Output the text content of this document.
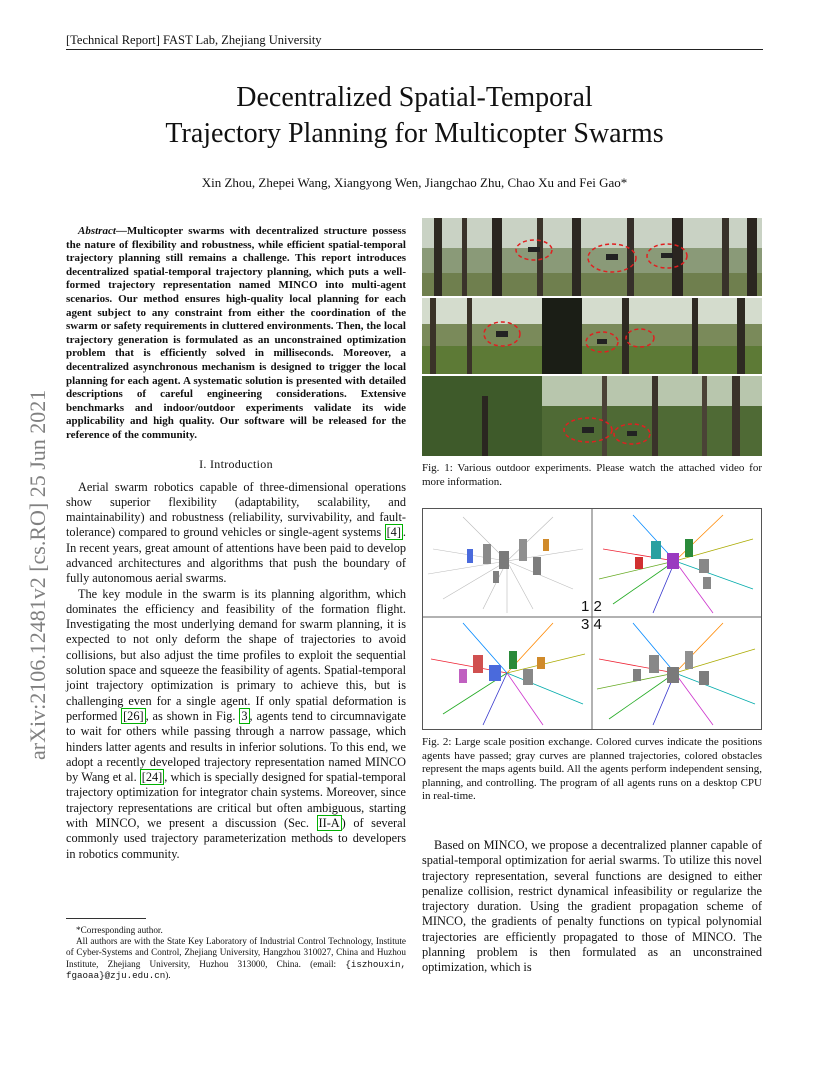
[Technical Report] FAST Lab, Zhejiang University
Decentralized Spatial-Temporal
Trajectory Planning for Multicopter Swarms
Xin Zhou, Zhepei Wang, Xiangyong Wen, Jiangchao Zhu, Chao Xu and Fei Gao*
arXiv:2106.12481v2 [cs.RO] 25 Jun 2021

Abstract—Multicopter swarms with decentralized structure possess the nature of flexibility and robustness, while efficient spatial-temporal trajectory planning still remains a challenge. This report introduces decentralized spatial-temporal trajectory planning, which puts a well-formed trajectory representation named MINCO into multi-agent scenarios. Our method ensures high-quality local planning for each agent subject to any constraint from either the coordination of the swarm or safety requirements in cluttered environments. Then, the local trajectory generation is formulated as an unconstrained optimization problem that is efficiently solved in milliseconds. Moreover, a decentralized asynchronous mechanism is designed to trigger the local planning for each agent. A systematic solution is presented with detailed descriptions of careful engineering considerations. Extensive benchmarks and indoor/outdoor experiments validate its wide applicability and high quality. Our software will be released for the reference of the community.

I. Introduction

Aerial swarm robotics capable of three-dimensional operations show superior flexibility (adaptability, scalability, and maintainability) and robustness (reliability, survivability, and fault-tolerance) compared to ground vehicles or single-agent systems [4] . In recent years, great amount of attentions have been paid to develop advanced architectures and algorithms that push the boundary of fully autonomous aerial swarms.

The key module in the swarm is its planning algorithm, which dominates the efficiency and feasibility of the formation flight. Investigating the most underlying demand for swarm planning, it is expected to not only deform the shape of trajectories to avoid collisions, but also adjust the time profiles to exploit the sequential solution space and squeeze the feasibility of agents. Spatial-temporal joint trajectory optimization is primary to achieve this, but is challenging even for a single agent. If only spatial deformation is performed [26] , as shown in Fig. 3 , agents tend to circumnavigate to wait for others while passing through a narrow passage, which hinders latter agents and results in inferior solutions. To this end, we adopt a recently developed trajectory representation named MINCO by Wang et al. [24] , which is specially designed for spatial-temporal trajectory optimization for integrator chain systems. Moreover, since trajectory representations are critical but often ambiguous, starting with MINCO, we present a discussion (Sec. II-A ) of several commonly used trajectory parameterization methods to developers in robotics community.

*Corresponding author.

All authors are with the State Key Laboratory of Industrial Control Technology, Institute of Cyber-Systems and Control, Zhejiang University, Hangzhou 310027, China and Huzhou Institute, Zhejiang University, Huzhou 313000, China. (email: {iszhouxin, fgaoaa}@zju.edu.cn).

Fig. 1: Various outdoor experiments. Please watch the attached video for more information.

1 2
3 4

Fig. 2: Large scale position exchange. Colored curves indicate the positions agents have passed; gray curves are planned trajectories, colored obstacles represent the maps agents build. All the agents perform independent sensing, planning, and controlling. The program of all agents runs on a desktop CPU in real-time.

Based on MINCO, we propose a decentralized planner capable of spatial-temporal optimization for aerial swarms. To utilize this novel trajectory representation, several functions are designed to either penalize collision, restrict dynamical infeasibility or regularize the trajectory duration. Using the gradient propagation scheme of MINCO, the gradients of penalty functions on typical polynomial trajectories are efficiently propagated to those of MINCO. The planning problem is then formulated as an unconstrained optimization, which is
